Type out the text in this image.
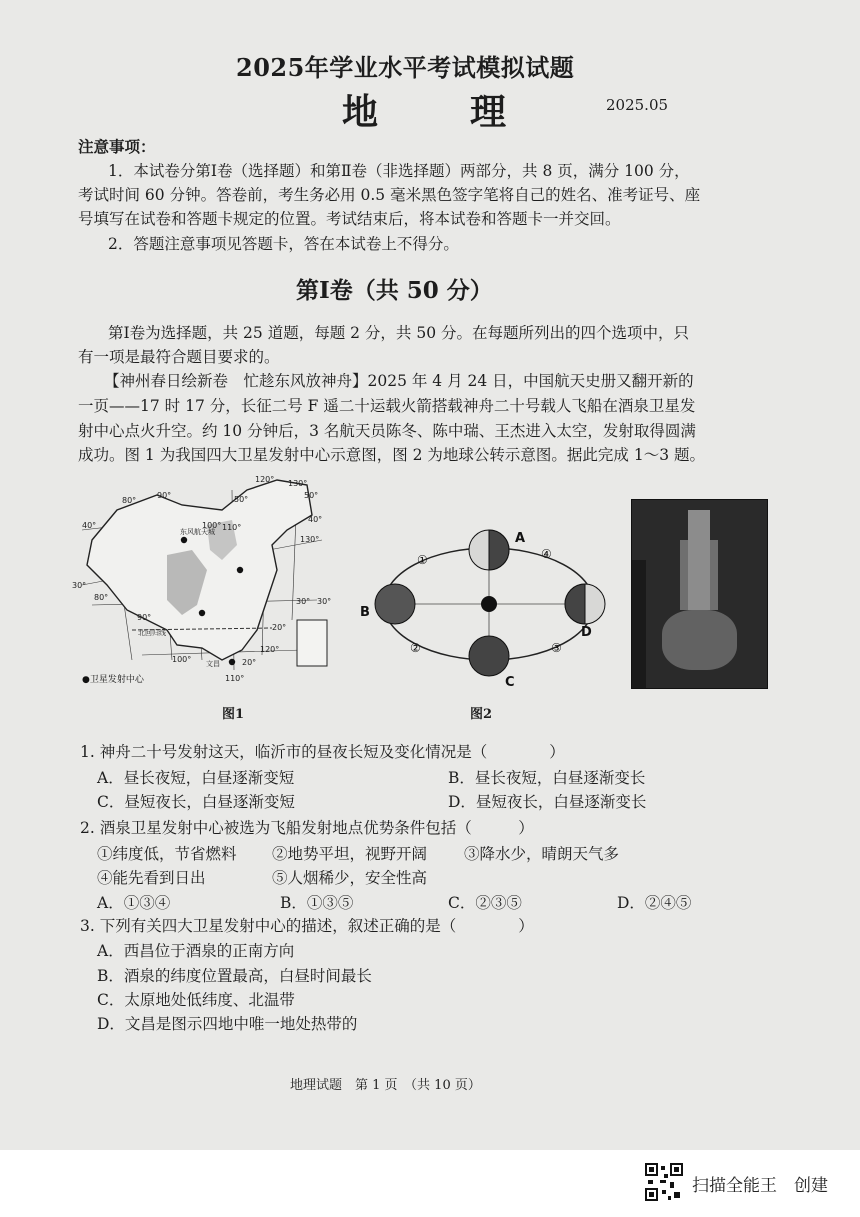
2025年学业水平考试模拟试题
地　理	2025.05
注意事项：
1．本试卷分第Ⅰ卷（选择题）和第Ⅱ卷（非选择题）两部分，共 8 页，满分 100 分，
考试时间 60 分钟。答卷前，考生务必用 0.5 毫米黑色签字笔将自己的姓名、准考证号、座
号填写在试卷和答题卡规定的位置。考试结束后，将本试卷和答题卡一并交回。
2．答题注意事项见答题卡，答在本试卷上不得分。
第Ⅰ卷（共 50 分）
第Ⅰ卷为选择题，共 25 道题，每题 2 分，共 50 分。在每题所列出的四个选项中，只
有一项是最符合题目要求的。
【神州春日绘新卷　忙趁东风放神舟】2025 年 4 月 24 日，中国航天史册又翻开新的
一页——17 时 17 分，长征二号 F 遥二十运载火箭搭载神舟二十号载人飞船在酒泉卫星发
射中心点火升空。约 10 分钟后，3 名航天员陈冬、陈中瑞、王杰进入太空，发射取得圆满
成功。图 1 为我国四大卫星发射中心示意图，图 2 为地球公转示意图。据此完成 1～3 题。
80°
90°
100° 110°
120° 130°
50°
40°
30°
20°
100°
110°
120°
130°
40°
30°
80°
90°
50°
30°
20°
东风航天城
北回归线
文昌
●卫星发射中心
图1
A
B
C
D
①
②	③
④
图2
1. 神舟二十号发射这天，临沂市的昼夜长短及变化情况是（　　　　）
A．昼长夜短，白昼逐渐变短	B．昼长夜短，白昼逐渐变长
C．昼短夜长，白昼逐渐变短	D．昼短夜长，白昼逐渐变长
2. 酒泉卫星发射中心被选为飞船发射地点优势条件包括（　　　）
①纬度低，节省燃料 ②地势平坦，视野开阔 ③降水少，晴朗天气多
④能先看到日出	⑤人烟稀少，安全性高
A．①③④	B．①③⑤	C．②③⑤	D．②④⑤
3. 下列有关四大卫星发射中心的描述，叙述正确的是（　　　　）
A．西昌位于酒泉的正南方向
B．酒泉的纬度位置最高，白昼时间最长
C．太原地处低纬度、北温带
D．文昌是图示四地中唯一地处热带的
地理试题　第 1 页　（共 10 页）
扫描全能王　创建
